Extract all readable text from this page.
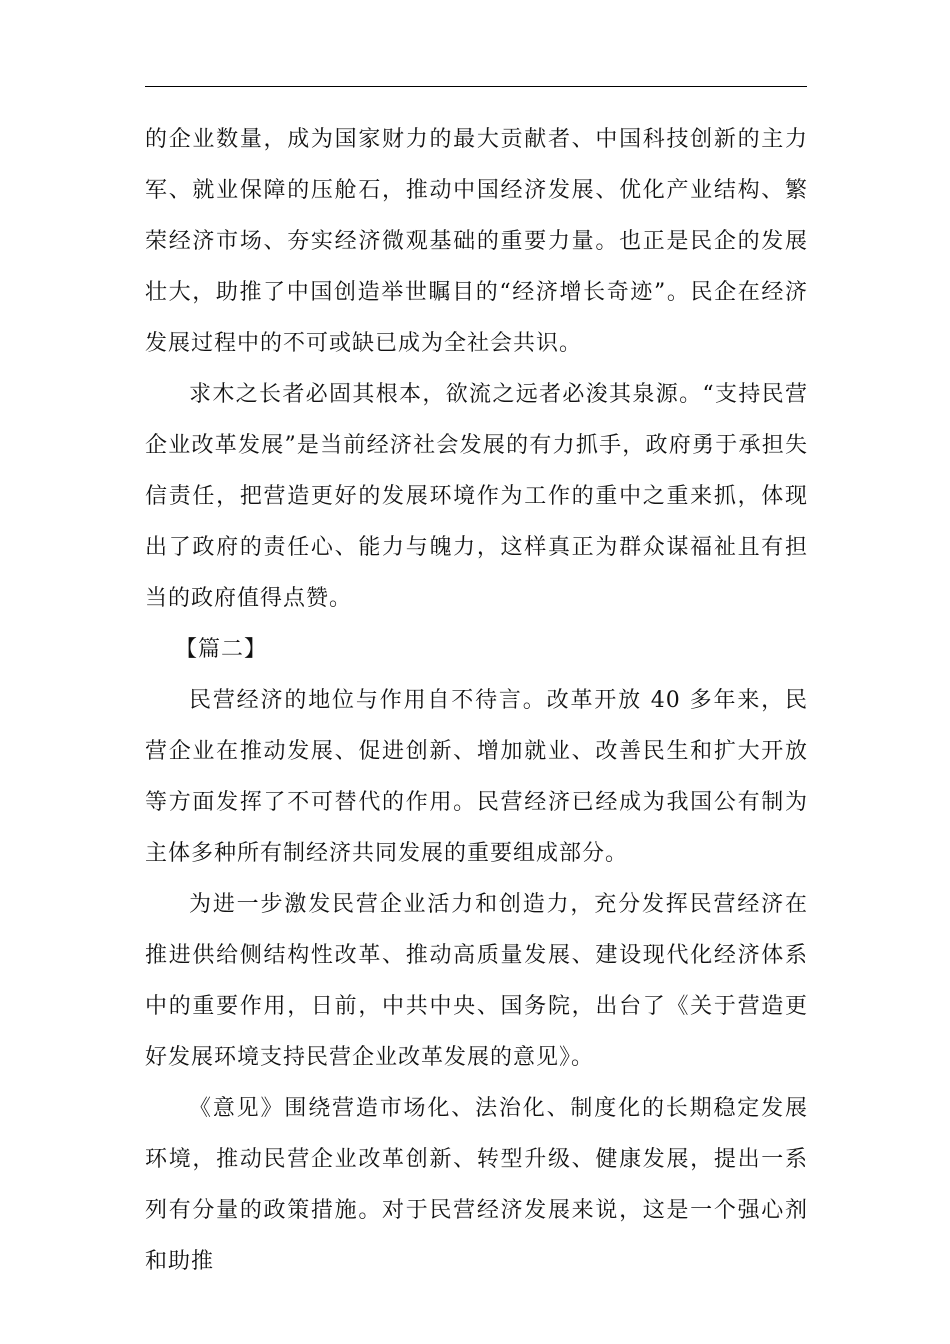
的企业数量，成为国家财力的最大贡献者、中国科技创新的主力军、就业保障的压舱石，推动中国经济发展、优化产业结构、繁荣经济市场、夯实经济微观基础的重要力量。也正是民企的发展壮大，助推了中国创造举世瞩目的“经济增长奇迹”。民企在经济发展过程中的不可或缺已成为全社会共识。

求木之长者必固其根本，欲流之远者必浚其泉源。“支持民营企业改革发展”是当前经济社会发展的有力抓手，政府勇于承担失信责任，把营造更好的发展环境作为工作的重中之重来抓，体现出了政府的责任心、能力与魄力，这样真正为群众谋福祉且有担当的政府值得点赞。

【篇二】

民营经济的地位与作用自不待言。改革开放 40 多年来，民营企业在推动发展、促进创新、增加就业、改善民生和扩大开放等方面发挥了不可替代的作用。民营经济已经成为我国公有制为主体多种所有制经济共同发展的重要组成部分。

为进一步激发民营企业活力和创造力，充分发挥民营经济在推进供给侧结构性改革、推动高质量发展、建设现代化经济体系中的重要作用，日前，中共中央、国务院，出台了《关于营造更好发展环境支持民营企业改革发展的意见》。

《意见》围绕营造市场化、法治化、制度化的长期稳定发展环境，推动民营企业改革创新、转型升级、健康发展，提出一系列有分量的政策措施。对于民营经济发展来说，这是一个强心剂和助推
